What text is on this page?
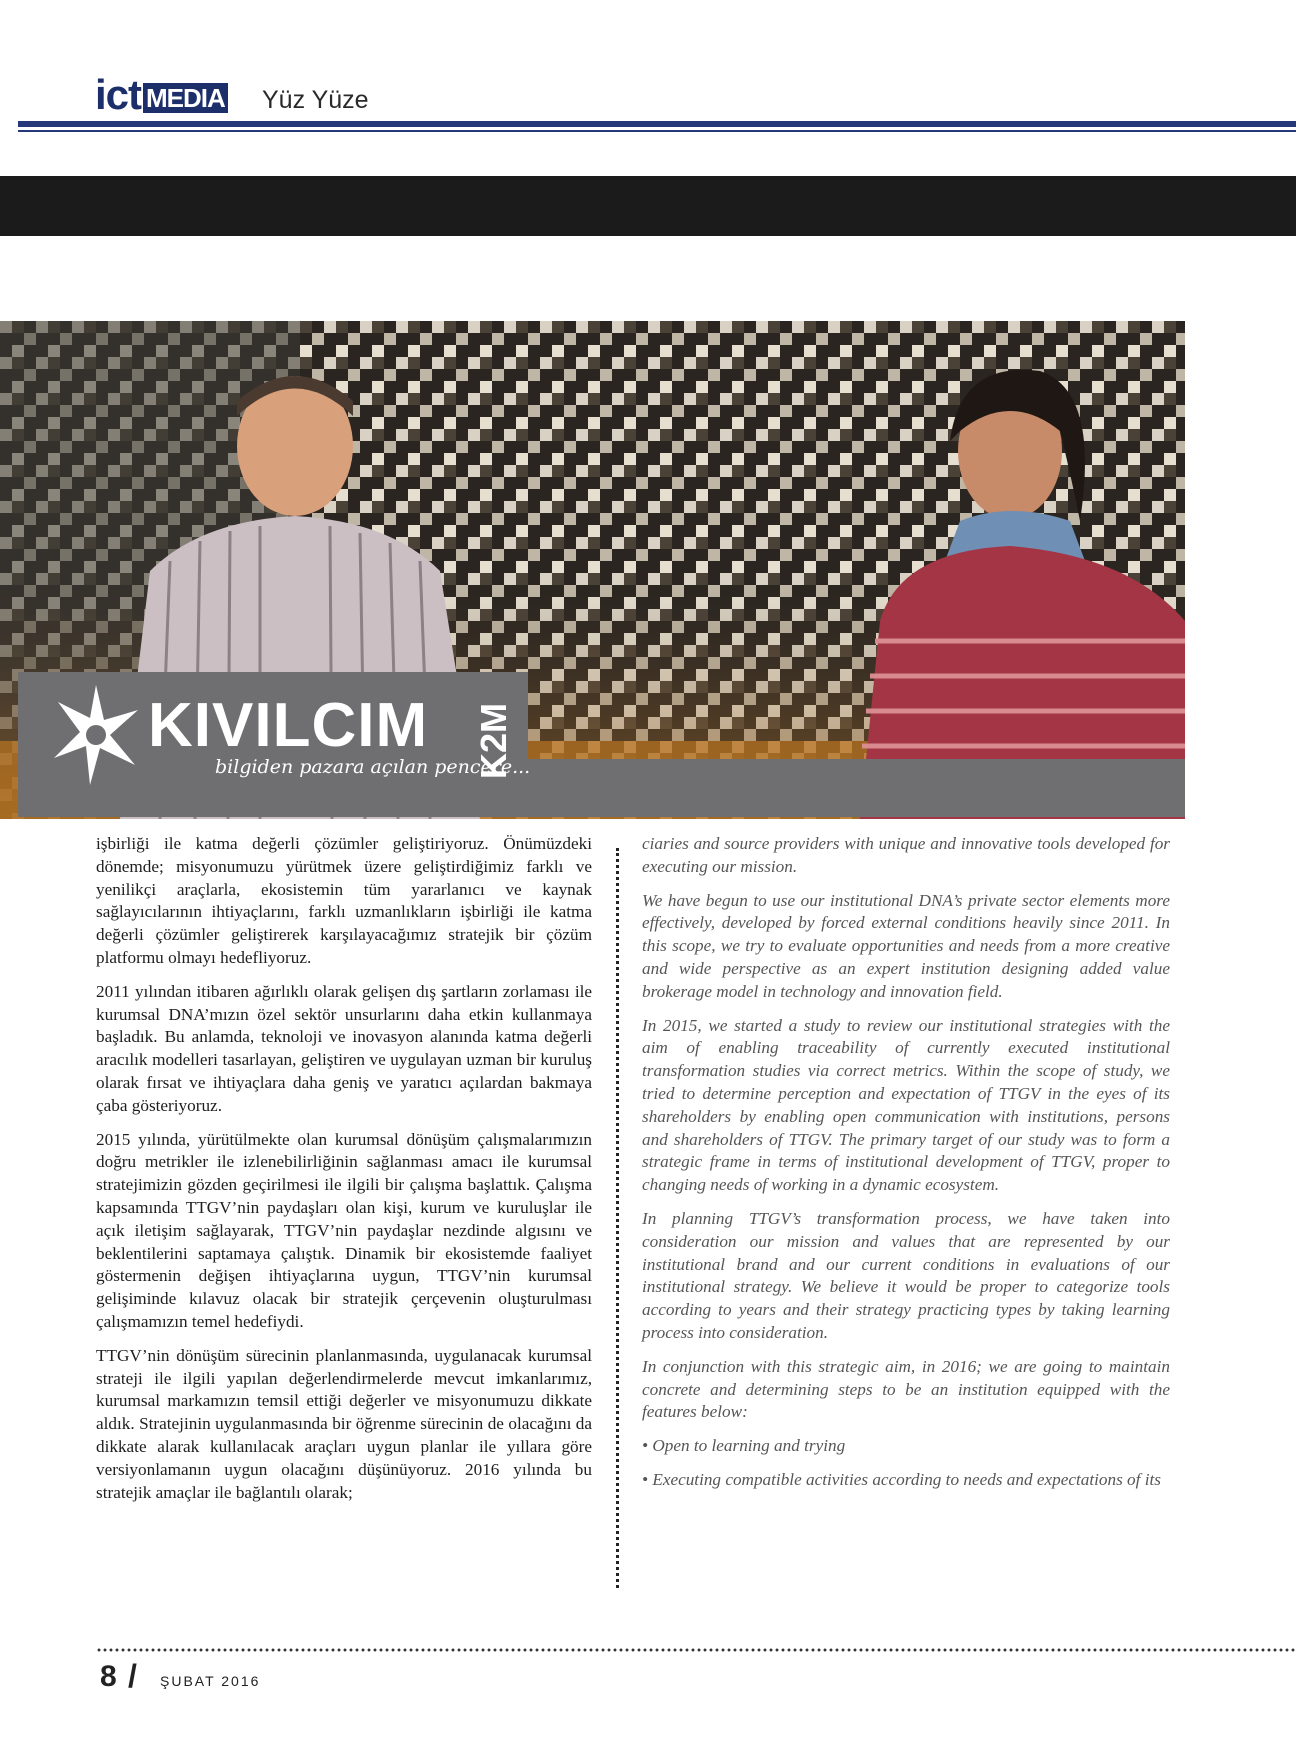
ict MEDIA Yüz Yüze
KIVILCIM
bilgiden pazara açılan pencere...
K2M

işbirliği ile katma değerli çözümler geliştiriyoruz. Önümüzdeki dönemde; misyonumuzu yürütmek üzere geliştirdiğimiz farklı ve yenilikçi araçlarla, ekosistemin tüm yararlanıcı ve kaynak sağlayıcılarının ihtiyaçlarını, farklı uzmanlıkların işbirliği ile katma değerli çözümler geliştirerek karşılayacağımız stratejik bir çözüm platformu olmayı hedefliyoruz.

2011 yılından itibaren ağırlıklı olarak gelişen dış şartların zorlaması ile kurumsal DNA’mızın özel sektör unsurlarını daha etkin kullanmaya başladık. Bu anlamda, teknoloji ve inovasyon alanında katma değerli aracılık modelleri tasarlayan, geliştiren ve uygulayan uzman bir kuruluş olarak fırsat ve ihtiyaçlara daha geniş ve yaratıcı açılardan bakmaya çaba gösteriyoruz.

2015 yılında, yürütülmekte olan kurumsal dönüşüm çalışmalarımızın doğru metrikler ile izlenebilirliğinin sağlanması amacı ile kurumsal stratejimizin gözden geçirilmesi ile ilgili bir çalışma başlattık. Çalışma kapsamında TTGV’nin paydaşları olan kişi, kurum ve kuruluşlar ile açık iletişim sağlayarak, TTGV’nin paydaşlar nezdinde algısını ve beklentilerini saptamaya çalıştık. Dinamik bir ekosistemde faaliyet göstermenin değişen ihtiyaçlarına uygun, TTGV’nin kurumsal gelişiminde kılavuz olacak bir stratejik çerçevenin oluşturulması çalışmamızın temel hedefiydi.

TTGV’nin dönüşüm sürecinin planlanmasında, uygulanacak kurumsal strateji ile ilgili yapılan değerlendirmelerde mevcut imkanlarımız, kurumsal markamızın temsil ettiği değerler ve misyonumuzu dikkate aldık. Stratejinin uygulanmasında bir öğrenme sürecinin de olacağını da dikkate alarak kullanılacak araçları uygun planlar ile yıllara göre versiyonlamanın uygun olacağını düşünüyoruz. 2016 yılında bu stratejik amaçlar ile bağlantılı olarak;

ciaries and source providers with unique and innovative tools developed for executing our mission.

We have begun to use our institutional DNA’s private sector elements more effectively, developed by forced external conditions heavily since 2011. In this scope, we try to evaluate opportunities and needs from a more creative and wide perspective as an expert institution designing added value brokerage model in technology and innovation field.

In 2015, we started a study to review our institutional strategies with the aim of enabling traceability of currently executed institutional transformation studies via correct metrics. Within the scope of study, we tried to determine perception and expectation of TTGV in the eyes of its shareholders by enabling open communication with institutions, persons and shareholders of TTGV. The primary target of our study was to form a strategic frame in terms of institutional development of TTGV, proper to changing needs of working in a dynamic ecosystem.

In planning TTGV’s transformation process, we have taken into consideration our mission and values that are represented by our institutional brand and our current conditions in evaluations of our institutional strategy. We believe it would be proper to categorize tools according to years and their strategy practicing types by taking learning process into consideration.

In conjunction with this strategic aim, in 2016; we are going to maintain concrete and determining steps to be an institution equipped with the features below:

• Open to learning and trying

• Executing compatible activities according to needs and expectations of its

8 / ŞUBAT 2016
